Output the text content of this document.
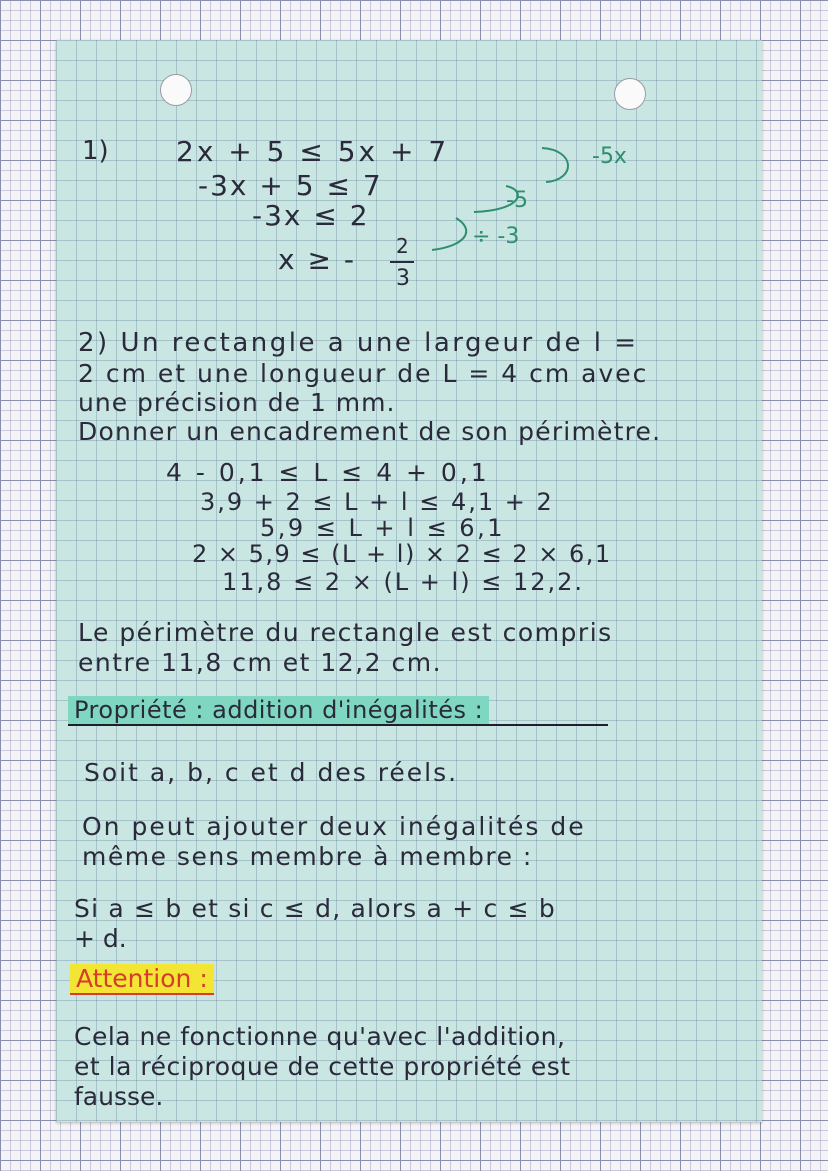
1) 2x + 5 ≤ 5x + 7

-3x + 5 ≤ 7

-3x ≤ 2

x ≥ - 2

3

-5x

-5

÷ -3

2) Un rectangle a une largeur de l =

2 cm et une longueur de L = 4 cm avec

une précision de 1 mm.

Donner un encadrement de son périmètre.

4 - 0,1 ≤ L ≤ 4 + 0,1

3,9 + 2 ≤ L + l ≤ 4,1 + 2

5,9 ≤ L + l ≤ 6,1

2 × 5,9 ≤ (L + l) × 2 ≤ 2 × 6,1

11,8 ≤ 2 × (L + l) ≤ 12,2.

Le périmètre du rectangle est compris

entre 11,8 cm et 12,2 cm.

Propriété : addition d'inégalités :

Soit a, b, c et d des réels.

On peut ajouter deux inégalités de

même sens membre à membre :

Si a ≤ b et si c ≤ d, alors a + c ≤ b

+ d.

Attention :

Cela ne fonctionne qu'avec l'addition,

et la réciproque de cette propriété est

fausse.
